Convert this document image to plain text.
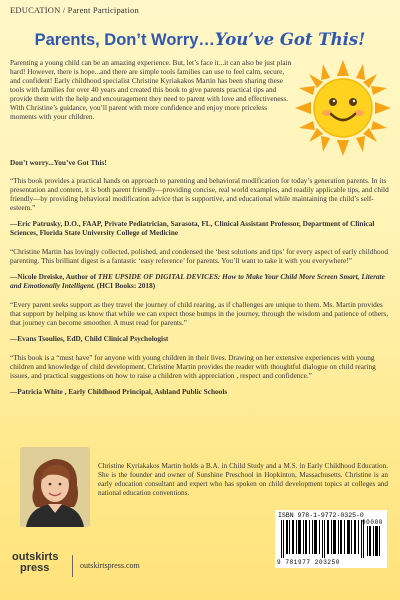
EDUCATION / Parent Participation
Parents, Don’t Worry…You’ve Got This!
Parenting a young child can be an amazing experience. But, let’s face it...it can also be just plain hard! However, there is hope...and there are simple tools families can use to feel calm, secure, and confident! Early childhood specialist Christine Kyriakakos Martin has been sharing these tools with families for over 40 years and created this book to give parents practical tips and provide them with the help and encouragement they need to parent with love and effectiveness. With Christine’s guidance, you’ll parent with more confidence and enjoy more priceless moments with your children.
Don’t worry...You’ve Got This!
“This book provides a practical hands on approach to parenting and behavioral modification for today’s generation parents. In its presentation and content, it is both parent friendly—providing concise, real world examples, and readily applicable tips, and child friendly—by providing behavioral modification advice that is supportive, and educational while maintaining the child’s self-esteem.”
—Eric Patrusky, D.O., FAAP, Private Pediatrician, Sarasota, FL, Clinical Assistant Professor, Department of Clinical Sciences, Florida State University College of Medicine
“Christine Martin has lovingly collected, polished, and condensed the ‘best solutions and tips’ for every aspect of early childhood parenting. This brilliant digest is a fantastic ‘easy reference’ for parents. You’ll want to take it with you everywhere!”
—Nicole Dreiske, Author of THE UPSIDE OF DIGITAL DEVICES: How to Make Your Child More Screen Smart, Literate and Emotionally Intelligent. (HCI Books: 2018)
“Every parent seeks support as they travel the journey of child rearing, as if challenges are unique to them. Ms. Martin provides that support by helping us know that while we can expect those bumps in the journey, through the wisdom and patience of others, that journey can become smoother. A must read for parents.”
—Evans Tsoulies, EdD, Child Clinical Psychologist
“This book is a “must have” for anyone with young children in their lives. Drawing on her extensive experiences with young children and knowledge of child development, Christine Martin provides the reader with thoughtful dialogue on child rearing issues, and practical suggestions on how to raise a children with appreciation , respect and confidence.”
—Patricia White , Early Childhood Principal, Ashland Public Schools
Christine Kyriakakos Martin holds a B.A. in Child Study and a M.S. in Early Childhood Education. She is the founder and owner of Sunshine Preschool in Hopkinton, Massachusetts. Christine is an early education consultant and expert who has spoken on child development topics at colleges and national education conventions.
ISBN 978-1-9772-0325-0
9 781977 203250
90000
outskirts
press	outskirtspress.com
